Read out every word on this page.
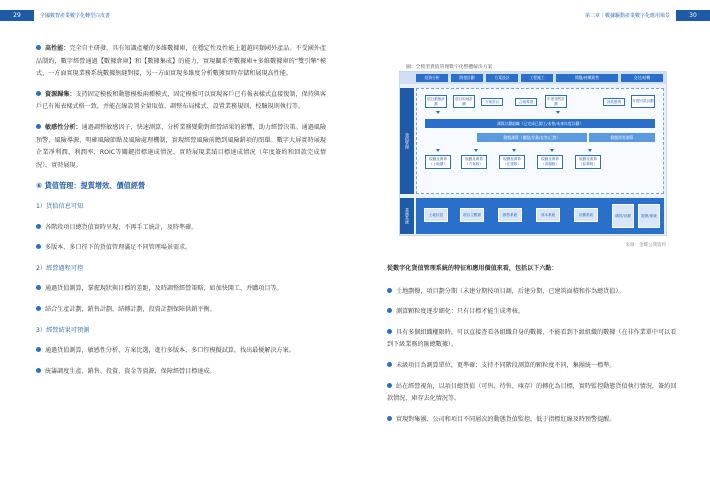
29	全國數智產業數字化轉型白皮書
高性能：完全自主研發，具有知識產權的多維數據庫，在穩定性及性能上超越同類國外產品。不受國外產品制約，數字經營通過【數據倉庫】和【數據集成】的能力，實現關系型數據庫+多維數據庫的“雙引擎”模式，一方面實現業務系統數據無縫對接，另一方面實現多維度分析數據實時存儲和展現高性能。
資源歸集：支持固定模板和動態模板兩種模式，固定模板可以實現客戶已有報表樣式直接復制，保持與客戶已有報表樣式格一致，并能在線設置全量取值、調整布局樣式、設置業務規則、校驗規則執行等。
敏感性分析：通過調整敏感因子，快速測算，分析業務變動對經營結果的影響，助力經營決策。通過風險預警、風險導源，明確風險節點及風險處理機制，實現經營風險前瞻到風險銷項的閉環。數字大屏實時展現企業凈利潤、利潤率、ROIC等關鍵指標達成情況、實時展現業績目標達成情況（年度簽約和回款完成情況）、實時展現。
⑥ 貨值管理：提質增效、價值經營
1）貨值信息可知
各階段項目總貨值實時呈現，不再手工統計，及時準確。
多版本、多口徑下的貨值管理滿足不同管理場景需求。
2）經營過程可控
通過貨值測算，掌握現狀與目標的差距，及時調整經營策略，如加快開工、并購項目等。
結合生產計劃，銷售計劃，結轉計劃，投資計劃保障供銷平衡。
3）經營結果可預測
通過貨值測算，敏感性分析，方案比選，進行多版本、多口徑模擬試算，找出最優解決方案。
統籌調度生產、銷售、投資、資金等資源，保障經營目標達成。
第二章｜數據驅動產業數字化應用場景	30
圖：全模型貨值管理數字化整體解決方案
投資分析	開發計劃	方案設計	工程施工	開盤/持續銷售	交付/結轉
貨值管理
業務系統
項目動態計劃
項目取地計劃	方案設計	合規專項
年度預售計劃	回款節奏	年度回款計劃
測算計劃組織（已完成已開工/未售/未來年度計劃）
動態測算（樓盤/存量/在售/已售）	動態經營測算
規劃及測算（土地儲）
規劃及測算（方案版）
規劃及測算（在建版）
規劃及測算（清盤版）
規劃及測算（結算版）
土地信息	項目主數據	銷售系統	成本系統	計劃系統	績效/計劃	財務/系統
來源：金蝶公開資料
從數字化貨值管理系統的特征和應用價值來看，包括以下六點：
土地劃撥，項目劃分期（未建分期按項目測，后建分期，已建筑面積和作為總貨值）。
測算顆粒度逐步細化：只有目標才能生成考核。
具有多個組織權限時，可以直接查看各組織自身的數據，不能看到下級組織的數據（在非作業單中可以看到下級業務的匯總數據）。
未級項目為測算單位，更準確；支持不同階段測算的顆粒度不同，集團統一標準。
站在經營視角，以項目總貨值（可售、待售、庫存）的轉化為目標，實時監控動態貨值執行情況，簽約回款情況、庫存去化情況等。
實現對集團、公司和項目不同層次的動態貨值監控，低于指標紅線及時預警提醒。
